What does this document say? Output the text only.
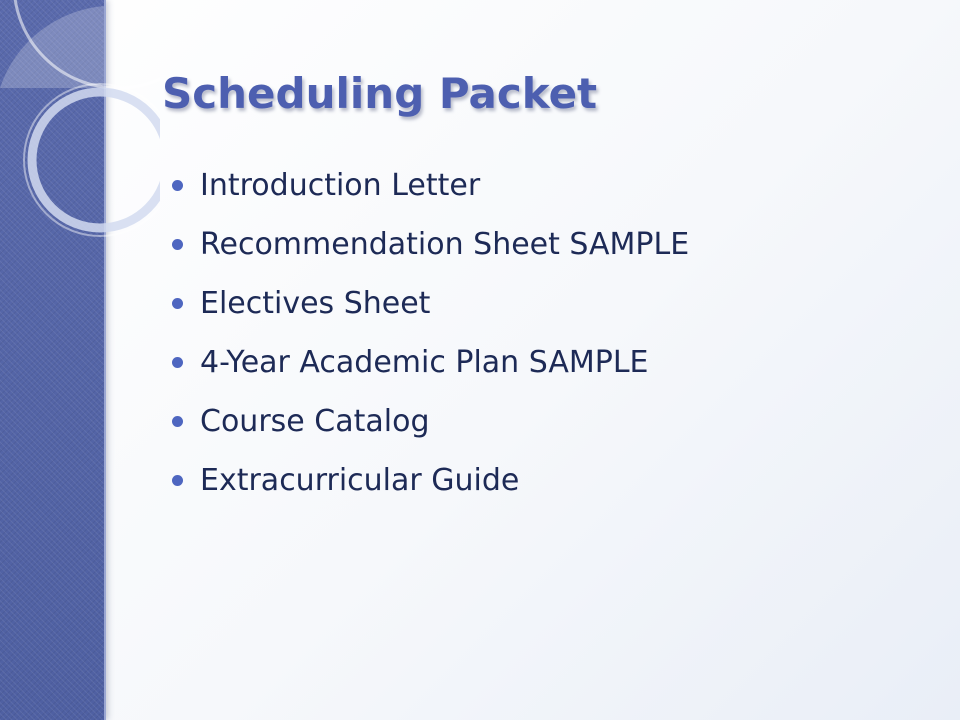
Scheduling Packet
Introduction Letter
Recommendation Sheet SAMPLE
Electives Sheet
4-Year Academic Plan SAMPLE
Course Catalog
Extracurricular Guide
